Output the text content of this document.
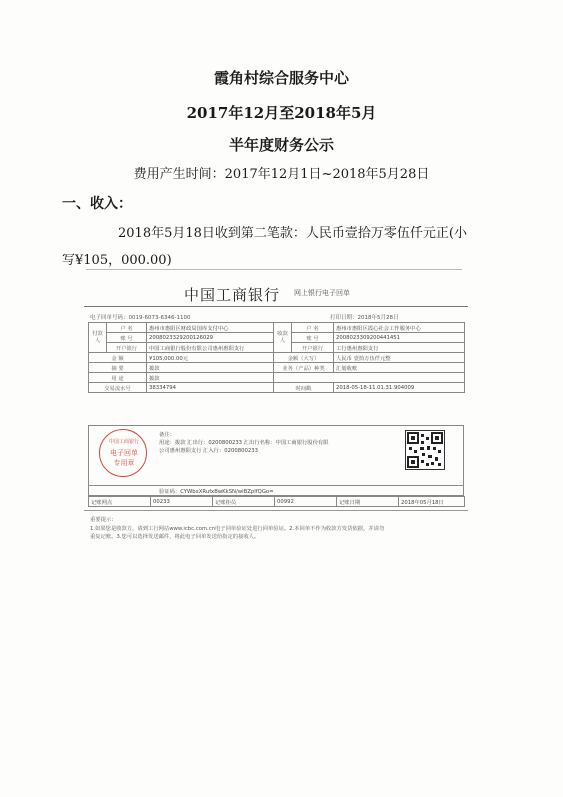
霞角村综合服务中心
2017年12月至2018年5月
半年度财务公示
费用产生时间：2017年12月1日~2018年5月28日
一、收入：
2018年5月18日收到第二笔款：人民币壹拾万零伍仟元正(小
写¥105，000.00)
中国工商银行 网上银行电子回单
电子回单号码：0019-6073-6346-1100	打印日期：2018年5月28日
付款人	户 名	惠州市惠阳区财政局国库支付中心	收款人	户 名	惠州市惠阳区霞心社会工作服务中心
	账 号	2008023329200126029		账 号	2008023309200441451
	开户银行	中国工商银行股份有限公司惠州惠阳支行		开户银行	工行惠州惠阳支行
金 额		¥105,000.00元	金额（大写）		人民币 壹拾万伍仟元整
摘 要		拨款	业务（产品）种类		汇划收账
用 途		拨款			
交易流水号		38334794	时间戳		2018-05-18-11.01.31.904009
中国工商银行
电子回单
专用章
备注：
用途：拨款 汇出行：0200800233 汇出行名称：中国工商银行股份有限
公司惠州惠阳支行 汇入行：0200800233
验证码：CYWbxXRufxBwKkSN/wiBZpIfQGo=
记账网点	00233	记账柜员	00992	记账日期	2018年05月18日
重要提示：
1.如果您是收款方，请到工行网站www.icbc.com.cn电子回单验证处进行回单验证。2.本回单不作为收款方发货依据，并请勿
重复记账。3.您可以选择发送邮件，将此电子回单发送给指定的接收人。
